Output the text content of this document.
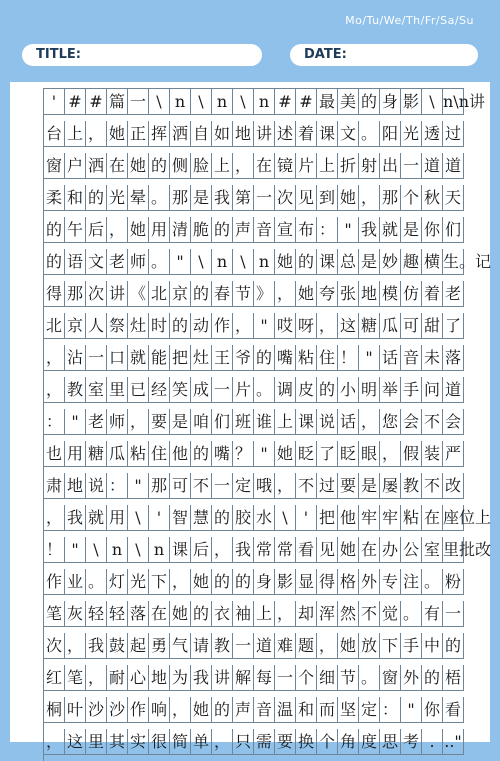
Mo/Tu/We/Th/Fr/Sa/Su
TITLE:	DATE:
' # # 篇 一 \ n \ n \ n # # 最 美 的 身 影 \ n\n讲
台 上 ， 她 正 挥 洒 自 如 地 讲 述 着 课 文 。 阳 光 透 过
窗 户 洒 在 她 的 侧 脸 上 ， 在 镜 片 上 折 射 出 一 道 道
柔 和 的 光 晕 。 那 是 我 第 一 次 见 到 她 ， 那 个 秋 天
的 午 后 ， 她 用 清 脆 的 声 音 宣 布 ： " 我 就 是 你 们
的 语 文 老 师 。 " \ n \ n 她 的 课 总 是 妙 趣 横 生。记
得 那 次 讲 《 北 京 的 春 节 》 ， 她 夸 张 地 模 仿 着 老
北 京 人 祭 灶 时 的 动 作 ， " 哎 呀 ， 这 糖 瓜 可 甜 了
， 沾 一 口 就 能 把 灶 王 爷 的 嘴 粘 住 ！ " 话 音 未 落
， 教 室 里 已 经 笑 成 一 片 。 调 皮 的 小 明 举 手 问 道
： " 老 师 ， 要 是 咱 们 班 谁 上 课 说 话 ， 您 会 不 会
也 用 糖 瓜 粘 住 他 的 嘴 ？ " 她 眨 了 眨 眼 ， 假 装 严
肃 地 说 ： " 那 可 不 一 定 哦 ， 不 过 要 是 屡 教 不 改
， 我 就 用 \	' 智 慧 的 胶 水 \	' 把 他 牢 牢 粘 在 座位上
！ " \ n \ n 课 后 ， 我 常 常 看 见 她 在 办 公 室 里批改
作 业 。 灯 光 下 ， 她 的 的 身 影 显 得 格 外 专 注 。 粉
笔 灰 轻 轻 落 在 她 的 衣 袖 上 ， 却 浑 然 不 觉 。 有 一
次 ， 我 鼓 起 勇 气 请 教 一 道 难 题 ， 她 放 下 手 中 的
红 笔 ， 耐 心 地 为 我 讲 解 每 一 个 细 节 。 窗 外 的 梧
桐 叶 沙 沙 作 响 ， 她 的 声 音 温 和 而 坚 定 ： " 你 看
， 这 里 其 实 很 简 单 ， 只 需 要 换 个 角 度 思 考 . .."
